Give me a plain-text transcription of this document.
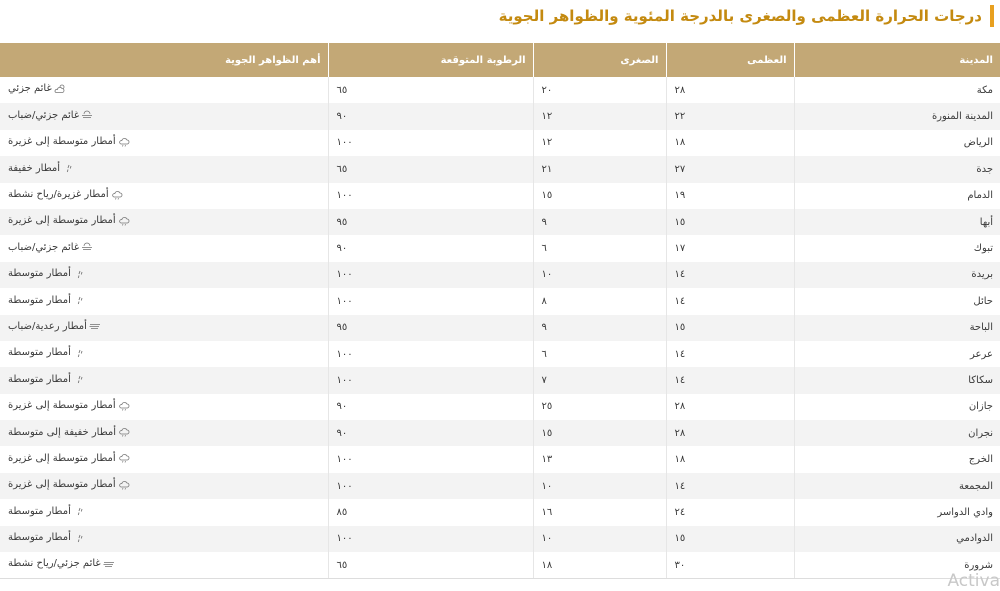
درجات الحرارة العظمى والصغرى بالدرجة المئوية والظواهر الجوية
المدينة	العظمى	الصغرى	الرطوبة المتوقعة	أهم الظواهر الجوية
مكة	٢٨	٢٠	٦٥	غائم جزئي

المدينة المنورة	٢٢	١٢	٩٠	غائم جزئي/ضباب

الرياض	١٨	١٢	١٠٠	أمطار متوسطة إلى غزيرة

جدة	٢٧	٢١	٦٥	أمطار خفيفة

الدمام	١٩	١٥	١٠٠	أمطار غزيرة/رياح نشطة

أبها	١٥	٩	٩٥	أمطار متوسطة إلى غزيرة

تبوك	١٧	٦	٩٠	غائم جزئي/ضباب

بريدة	١٤	١٠	١٠٠	أمطار متوسطة

حائل	١٤	٨	١٠٠	أمطار متوسطة

الباحة	١٥	٩	٩٥	أمطار رعدية/ضباب

عرعر	١٤	٦	١٠٠	أمطار متوسطة

سكاكا	١٤	٧	١٠٠	أمطار متوسطة

جازان	٢٨	٢٥	٩٠	أمطار متوسطة إلى غزيرة

نجران	٢٨	١٥	٩٠	أمطار خفيفة إلى متوسطة

الخرج	١٨	١٣	١٠٠	أمطار متوسطة إلى غزيرة

المجمعة	١٤	١٠	١٠٠	أمطار متوسطة إلى غزيرة

وادي الدواسر	٢٤	١٦	٨٥	أمطار متوسطة

الدوادمي	١٥	١٠	١٠٠	أمطار متوسطة

شرورة	٣٠	١٨	٦٥	غائم جزئي/رياح نشطة
Activa
